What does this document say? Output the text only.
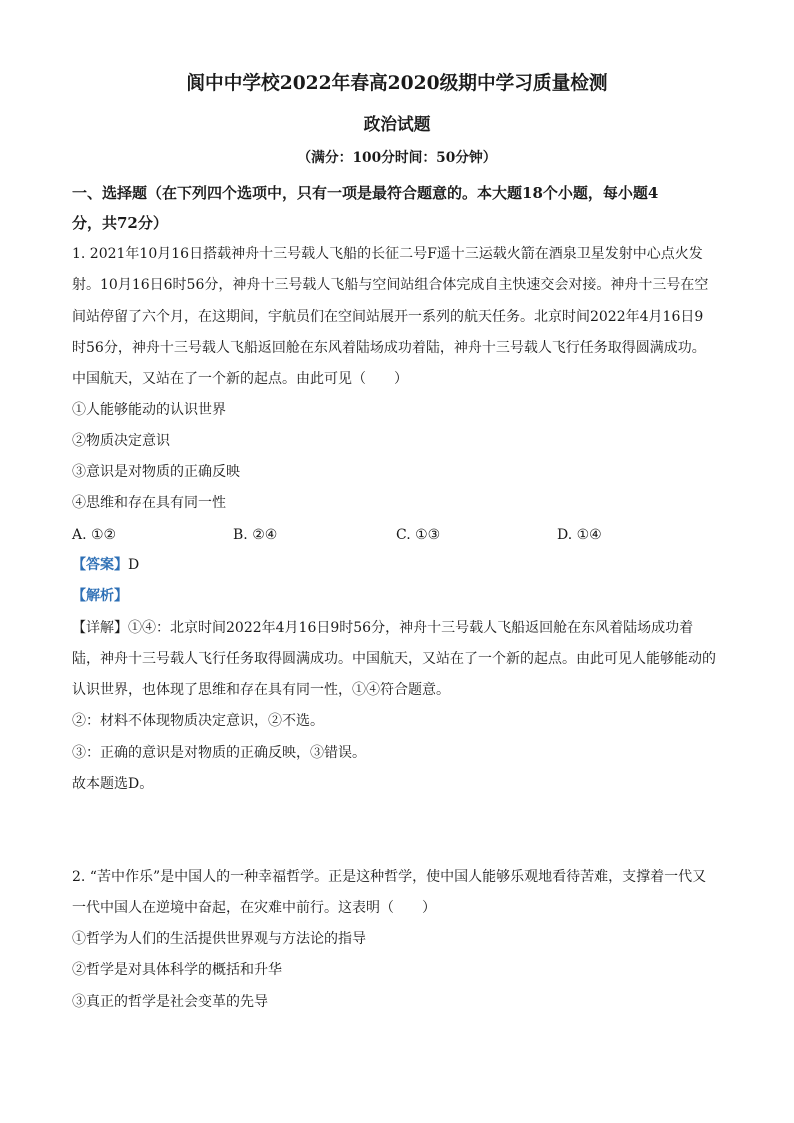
阆中中学校2022年春高2020级期中学习质量检测
政治试题
（满分：100分时间：50分钟）
一、选择题（在下列四个选项中，只有一项是最符合题意的。本大题18个小题，每小题4
分，共72分）
1. 2021年10月16日搭载神舟十三号载人飞船的长征二号F遥十三运载火箭在酒泉卫星发射中心点火发
射。10月16日6时56分，神舟十三号载人飞船与空间站组合体完成自主快速交会对接。神舟十三号在空
间站停留了六个月，在这期间，宇航员们在空间站展开一系列的航天任务。北京时间2022年4月16日9
时56分，神舟十三号载人飞船返回舱在东风着陆场成功着陆，神舟十三号载人飞行任务取得圆满成功。
中国航天，又站在了一个新的起点。由此可见（　　）
①人能够能动的认识世界
②物质决定意识
③意识是对物质的正确反映
④思维和存在具有同一性
A. ①②	B. ②④	C. ①③	D. ①④
【答案】D
【解析】
【详解】①④：北京时间2022年4月16日9时56分，神舟十三号载人飞船返回舱在东风着陆场成功着
陆，神舟十三号载人飞行任务取得圆满成功。中国航天，又站在了一个新的起点。由此可见人能够能动的
认识世界，也体现了思维和存在具有同一性，①④符合题意。
②：材料不体现物质决定意识，②不选。
③：正确的意识是对物质的正确反映，③错误。
故本题选D。
2. “苦中作乐”是中国人的一种幸福哲学。正是这种哲学，使中国人能够乐观地看待苦难，支撑着一代又
一代中国人在逆境中奋起，在灾难中前行。这表明（　　）
①哲学为人们的生活提供世界观与方法论的指导
②哲学是对具体科学的概括和升华
③真正的哲学是社会变革的先导
